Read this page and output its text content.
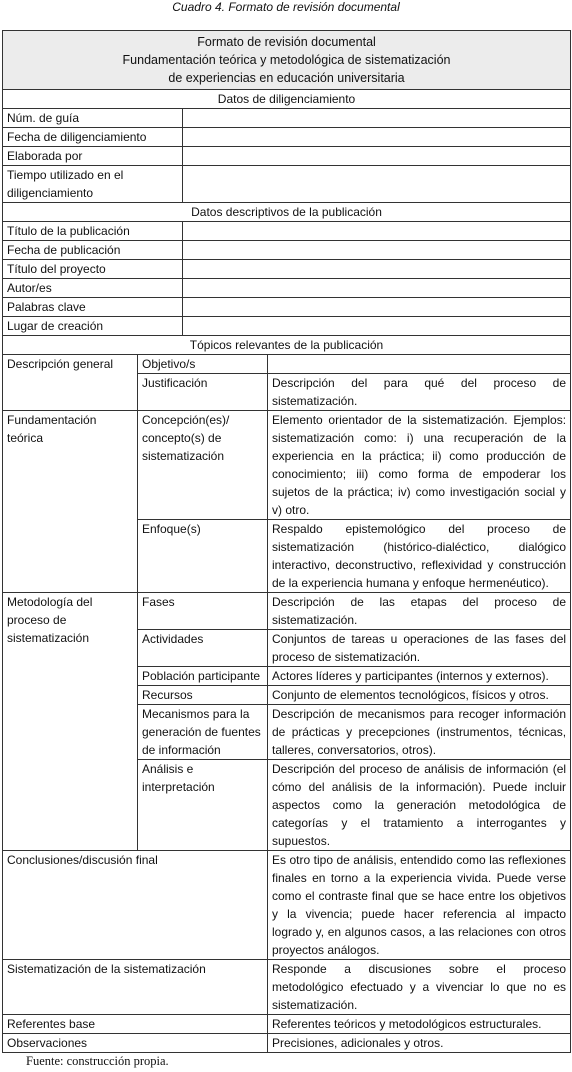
Cuadro 4. Formato de revisión documental
Formato de revisión documental
Fundamentación teórica y metodológica de sistematización
de experiencias en educación universitaria			

Datos de diligenciamiento			
Núm. de guía			
Fecha de diligenciamiento			
Elaborada por			
Tiempo utilizado en el diligenciamiento			
Datos descriptivos de la publicación			
Título de la publicación			
Fecha de publicación			
Título del proyecto			
Autor/es			
Palabras clave			
Lugar de creación			
Tópicos relevantes de la publicación			
Descripción general	Objetivo/s		
	Justificación		Descripción del para qué del proceso de sistematización.
Fundamentación teórica	Concepción(es)/ concepto(s) de sistematización		Elemento orientador de la sistematización. Ejemplos: sistematización como: i) una recuperación de la experiencia en la práctica; ii) como producción de conocimiento; iii) como forma de empoderar los sujetos de la práctica; iv) como investigación social y v) otro.
	Enfoque(s)		Respaldo epistemológico del proceso de sistematización (histórico-dialéctico, dialógico interactivo, deconstructivo, reflexividad y construcción de la experiencia humana y enfoque hermenéutico).
Metodología del proceso de sistematización	Fases		Descripción de las etapas del proceso de sistematización.
	Actividades		Conjuntos de tareas u operaciones de las fases del proceso de sistematización.
	Población participante		Actores líderes y participantes (internos y externos).
	Recursos		Conjunto de elementos tecnológicos, físicos y otros.
	Mecanismos para la generación de fuentes de información		Descripción de mecanismos para recoger información de prácticas y precepciones (instrumentos, técnicas, talleres, conversatorios, otros).
	Análisis e interpretación		Descripción del proceso de análisis de información (el cómo del análisis de la información). Puede incluir aspectos como la generación metodológica de categorías y el tratamiento a interrogantes y supuestos.
Conclusiones/discusión final			Es otro tipo de análisis, entendido como las reflexiones finales en torno a la experiencia vivida. Puede verse como el contraste final que se hace entre los objetivos y la vivencia; puede hacer referencia al impacto logrado y, en algunos casos, a las relaciones con otros proyectos análogos.
Sistematización de la sistematización			Responde a discusiones sobre el proceso metodológico efectuado y a vivenciar lo que no es sistematización.
Referentes base			Referentes teóricos y metodológicos estructurales.
Observaciones			Precisiones, adicionales y otros.
Fuente: construcción propia.
